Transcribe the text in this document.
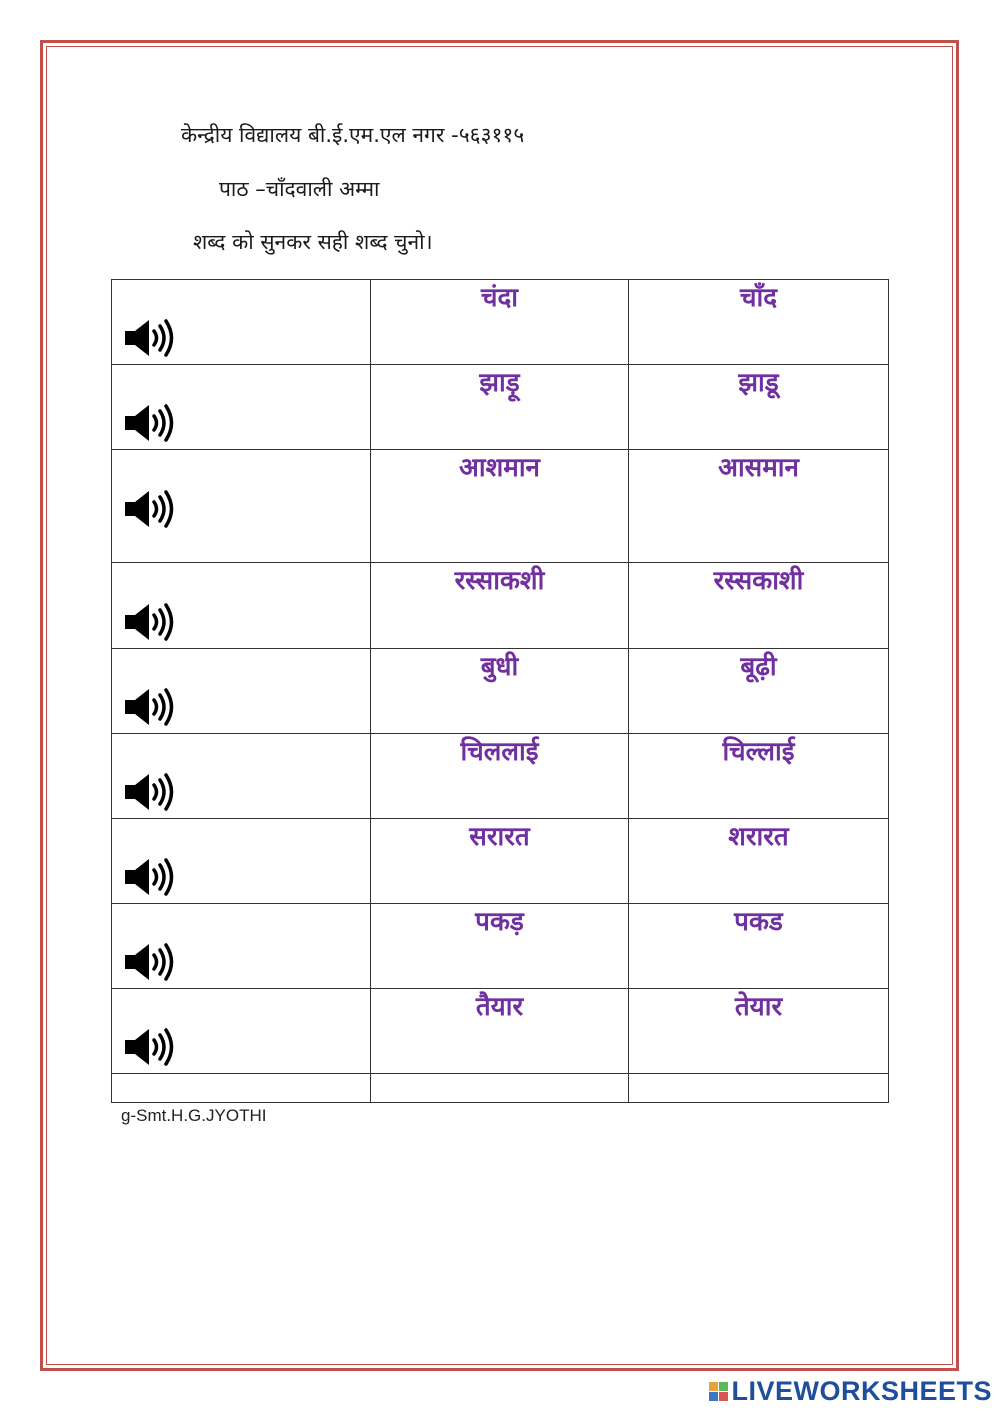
केन्द्रीय विद्यालय बी.ई.एम.एल नगर -५६३११५
पाठ –चाँदवाली अम्मा
शब्द को सुनकर सही शब्द चुनो।

चंदा	चाँद

झाड़ू	झाडू

आशमान	आसमान

रस्साकशी	रस्सकाशी

बुधी	बूढ़ी

चिललाई	चिल्लाई

सरारत	शरारत

पकड़	पकड

तैयार	तेयार

g-Smt.H.G.JYOTHI
LIVEWORKSHEETS
